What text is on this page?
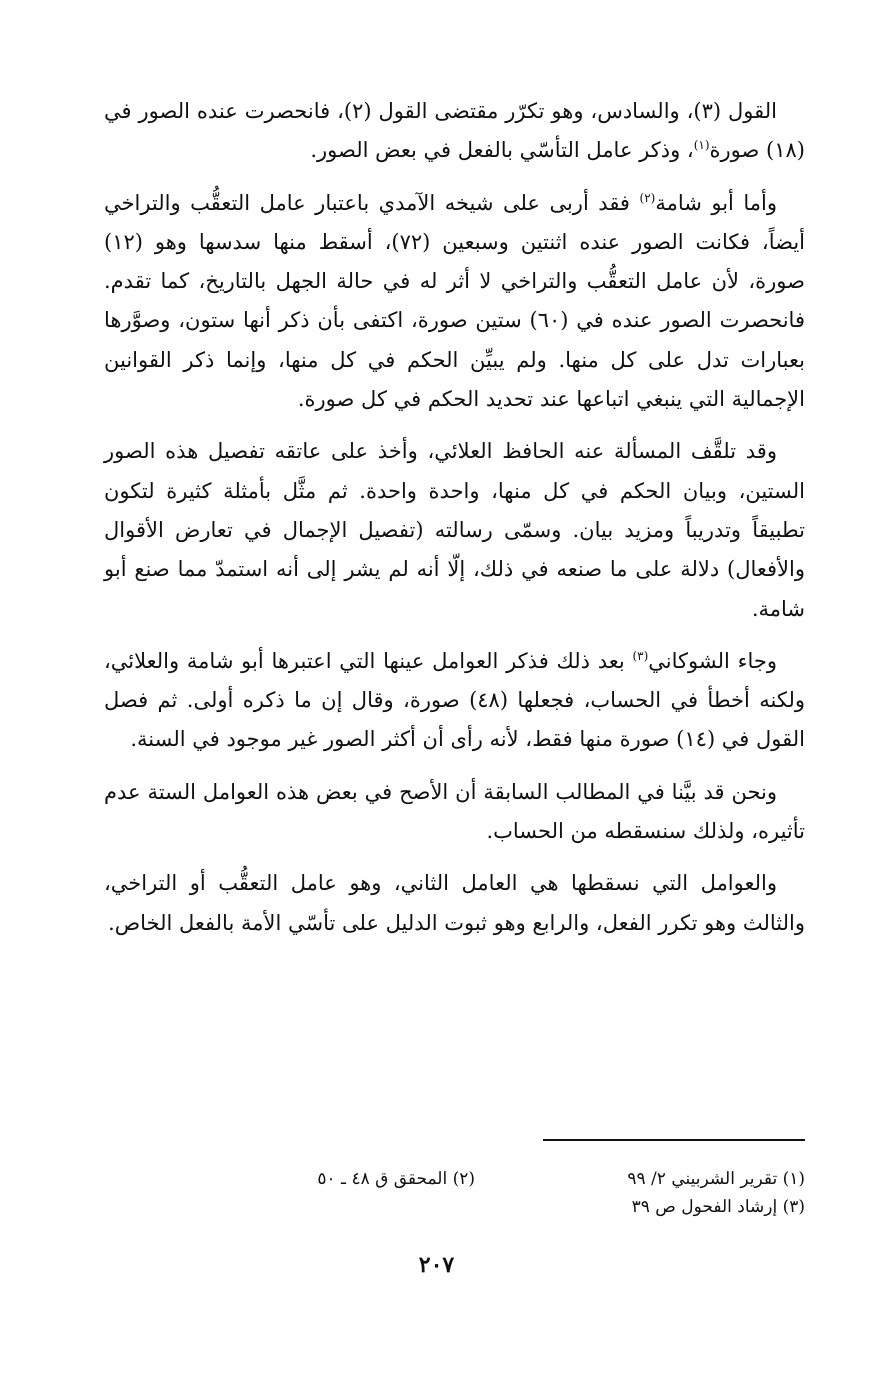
القول (٣)، والسادس، وهو تكرّر مقتضى القول (٢)، فانحصرت عنده الصور في (١٨) صورة$^{(١)}$، وذكر عامل التأسّي بالفعل في بعض الصور.

وأما أبو شامة$^{(٢)}$ فقد أربى على شيخه الآمدي باعتبار عامل التعقُّب والتراخي أيضاً، فكانت الصور عنده اثنتين وسبعين (٧٢)، أسقط منها سدسها وهو (١٢) صورة، لأن عامل التعقُّب والتراخي لا أثر له في حالة الجهل بالتاريخ، كما تقدم. فانحصرت الصور عنده في (٦٠) ستين صورة، اكتفى بأن ذكر أنها ستون، وصوَّرها بعبارات تدل على كل منها. ولم يبيِّن الحكم في كل منها، وإنما ذكر القوانين الإجمالية التي ينبغي اتباعها عند تحديد الحكم في كل صورة.

وقد تلقَّف المسألة عنه الحافظ العلائي، وأخذ على عاتقه تفصيل هذه الصور الستين، وبيان الحكم في كل منها، واحدة واحدة. ثم مثَّل بأمثلة كثيرة لتكون تطبيقاً وتدريباً ومزيد بيان. وسمّى رسالته (تفصيل الإجمال في تعارض الأقوال والأفعال) دلالة على ما صنعه في ذلك، إلّا أنه لم يشر إلى أنه استمدّ مما صنع أبو شامة.

وجاء الشوكاني$^{(٣)}$ بعد ذلك فذكر العوامل عينها التي اعتبرها أبو شامة والعلائي، ولكنه أخطأ في الحساب، فجعلها (٤٨) صورة، وقال إن ما ذكره أولى. ثم فصل القول في (١٤) صورة منها فقط، لأنه رأى أن أكثر الصور غير موجود في السنة.

ونحن قد بيَّنا في المطالب السابقة أن الأصح في بعض هذه العوامل الستة عدم تأثيره، ولذلك سنسقطه من الحساب.

والعوامل التي نسقطها هي العامل الثاني، وهو عامل التعقُّب أو التراخي، والثالث وهو تكرر الفعل، والرابع وهو ثبوت الدليل على تأسّي الأمة بالفعل الخاص.

(١) تقرير الشربيني ٢/ ٩٩
(٢) المحقق ق ٤٨ ـ ٥٠
(٣) إرشاد الفحول ص ٣٩
٢٠٧
